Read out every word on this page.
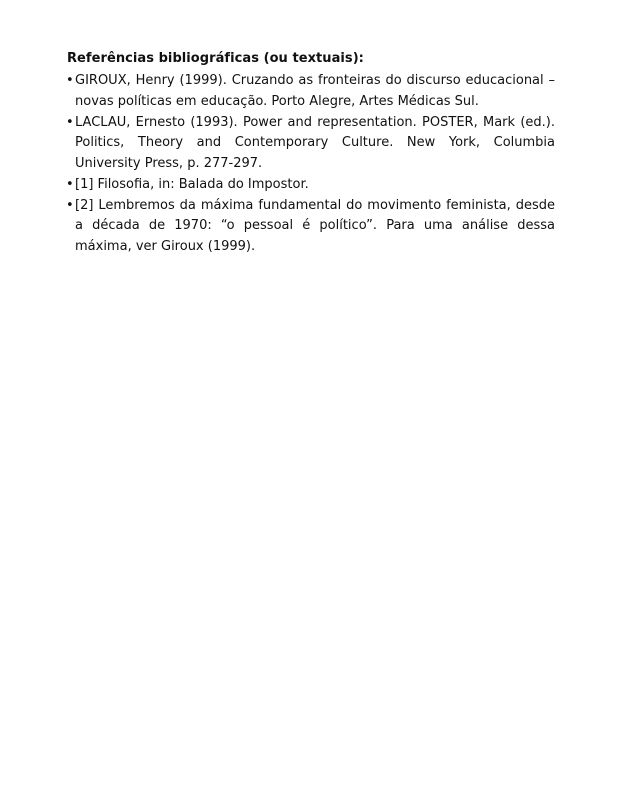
Referências bibliográficas (ou textuais):
• GIROUX, Henry (1999). Cruzando as fronteiras do discurso educacional – novas políticas em educação. Porto Alegre, Artes Médicas Sul.
• LACLAU, Ernesto (1993). Power and representation. POSTER, Mark (ed.). Politics, Theory and Contemporary Culture. New York, Columbia University Press, p. 277-297.
• [1] Filosofia, in: Balada do Impostor.
• [2] Lembremos da máxima fundamental do movimento feminista, desde a década de 1970: “o pessoal é político”. Para uma análise dessa máxima, ver Giroux (1999).
